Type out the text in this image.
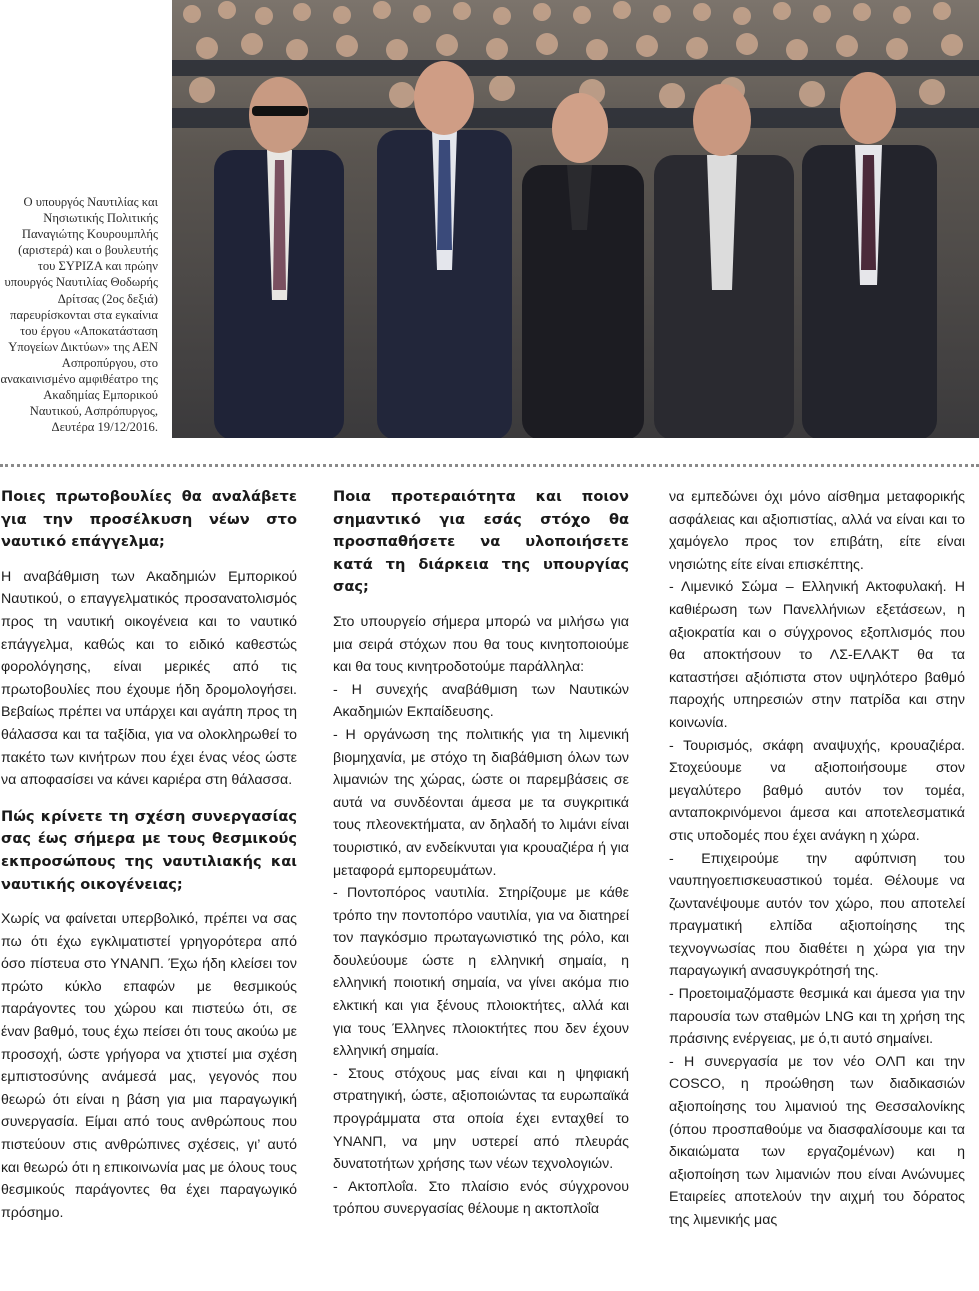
Ο υπουργός Ναυτιλίας και Νησιωτικής Πολιτικής Παναγιώτης Κουρουμπλής (αριστερά) και ο βουλευτής του ΣΥΡΙΖΑ και πρώην υπουργός Ναυτιλίας Θοδωρής Δρίτσας (2ος δεξιά) παρευρίσκονται στα εγκαίνια του έργου «Αποκατάσταση Υπογείων Δικτύων» της ΑΕΝ Ασπροπύργου, στο ανακαινισμένο αμφιθέατρο της Ακαδημίας Εμπορικού Ναυτικού, Ασπρόπυργος, Δευτέρα 19/12/2016.
Ποιες πρωτοβουλίες θα αναλάβετε για την προσέλκυση νέων στο ναυτικό επάγγελμα;

Η αναβάθμιση των Ακαδημιών Εμπορικού Ναυτικού, ο επαγγελματικός προσανατολισμός προς τη ναυτική οικογένεια και το ναυτικό επάγγελμα, καθώς και το ειδικό καθεστώς φορολόγησης, είναι μερικές από τις πρωτοβουλίες που έχουμε ήδη δρομολογήσει. Βεβαίως πρέπει να υπάρχει και αγάπη προς τη θάλασσα και τα ταξίδια, για να ολοκληρωθεί το πακέτο των κινήτρων που έχει ένας νέος ώστε να αποφασίσει να κάνει καριέρα στη θάλασσα.

Πώς κρίνετε τη σχέση συνεργασίας σας έως σήμερα με τους θεσμικούς εκπροσώπους της ναυτιλιακής και ναυτικής οικογένειας;

Χωρίς να φαίνεται υπερβολικό, πρέπει να σας πω ότι έχω εγκλιματιστεί γρηγορότερα από όσο πίστευα στο ΥΝΑΝΠ. Έχω ήδη κλείσει τον πρώτο κύκλο επαφών με θεσμικούς παράγοντες του χώρου και πιστεύω ότι, σε έναν βαθμό, τους έχω πείσει ότι τους ακούω με προσοχή, ώστε γρήγορα να χτιστεί μια σχέση εμπιστοσύνης ανάμεσά μας, γεγονός που θεωρώ ότι είναι η βάση για μια παραγωγική συνεργασία. Είμαι από τους ανθρώπους που πιστεύουν στις ανθρώπινες σχέσεις, γι’ αυτό και θεωρώ ότι η επικοινωνία μας με όλους τους θεσμικούς παράγοντες θα έχει παραγωγικό πρόσημο.

Ποια προτεραιότητα και ποιον σημαντικό για εσάς στόχο θα προσπαθήσετε να υλοποιήσετε κατά τη διάρκεια της υπουργίας σας;

Στο υπουργείο σήμερα μπορώ να μιλήσω για μια σειρά στόχων που θα τους κινητοποιούμε και θα τους κινητροδοτούμε παράλληλα:

- Η συνεχής αναβάθμιση των Ναυτικών Ακαδημιών Εκπαίδευσης.

- Η οργάνωση της πολιτικής για τη λιμενική βιομηχανία, με στόχο τη διαβάθμιση όλων των λιμανιών της χώρας, ώστε οι παρεμβάσεις σε αυτά να συνδέονται άμεσα με τα συγκριτικά τους πλεονεκτήματα, αν δηλαδή το λιμάνι είναι τουριστικό, αν ενδείκνυται για κρουαζιέρα ή για μεταφορά εμπορευμάτων.

- Ποντοπόρος ναυτιλία. Στηρίζουμε με κάθε τρόπο την ποντοπόρο ναυτιλία, για να διατηρεί τον παγκόσμιο πρωταγωνιστικό της ρόλο, και δουλεύουμε ώστε η ελληνική σημαία, η ελληνική ποιοτική σημαία, να γίνει ακόμα πιο ελκτική και για ξένους πλοιοκτήτες, αλλά και για τους Έλληνες πλοιοκτήτες που δεν έχουν ελληνική σημαία.

- Στους στόχους μας είναι και η ψηφιακή στρατηγική, ώστε, αξιοποιώντας τα ευρωπαϊκά προγράμματα στα οποία έχει ενταχθεί το ΥΝΑΝΠ, να μην υστερεί από πλευράς δυνατοτήτων χρήσης των νέων τεχνολογιών.

- Ακτοπλοΐα. Στο πλαίσιο ενός σύγχρονου τρόπου συνεργασίας θέλουμε η ακτοπλοΐα

να εμπεδώνει όχι μόνο αίσθημα μεταφορικής ασφάλειας και αξιοπιστίας, αλλά να είναι και το χαμόγελο προς τον επιβάτη, είτε είναι νησιώτης είτε είναι επισκέπτης.

- Λιμενικό Σώμα – Ελληνική Ακτοφυλακή. Η καθιέρωση των Πανελλήνιων εξετάσεων, η αξιοκρατία και ο σύγχρονος εξοπλισμός που θα αποκτήσουν το ΛΣ-ΕΛΑΚΤ θα τα καταστήσει αξιόπιστα στον υψηλότερο βαθμό παροχής υπηρεσιών στην πατρίδα και στην κοινωνία.

- Τουρισμός, σκάφη αναψυχής, κρουαζιέρα. Στοχεύουμε να αξιοποιήσουμε στον μεγαλύτερο βαθμό αυτόν τον τομέα, ανταποκρινόμενοι άμεσα και αποτελεσματικά στις υποδομές που έχει ανάγκη η χώρα.

- Επιχειρούμε την αφύπνιση του ναυπηγοεπισκευαστικού τομέα. Θέλουμε να ζωντανέψουμε αυτόν τον χώρο, που αποτελεί πραγματική ελπίδα αξιοποίησης της τεχνογνωσίας που διαθέτει η χώρα για την παραγωγική ανασυγκρότησή της.

- Προετοιμαζόμαστε θεσμικά και άμεσα για την παρουσία των σταθμών LNG και τη χρήση της πράσινης ενέργειας, με ό,τι αυτό σημαίνει.

- Η συνεργασία με τον νέο ΟΛΠ και την COSCO, η προώθηση των διαδικασιών αξιοποίησης του λιμανιού της Θεσσαλονίκης (όπου προσπαθούμε να διασφαλίσουμε και τα δικαιώματα των εργαζομένων) και η αξιοποίηση των λιμανιών που είναι Ανώνυμες Εταιρείες αποτελούν την αιχμή του δόρατος της λιμενικής μας
